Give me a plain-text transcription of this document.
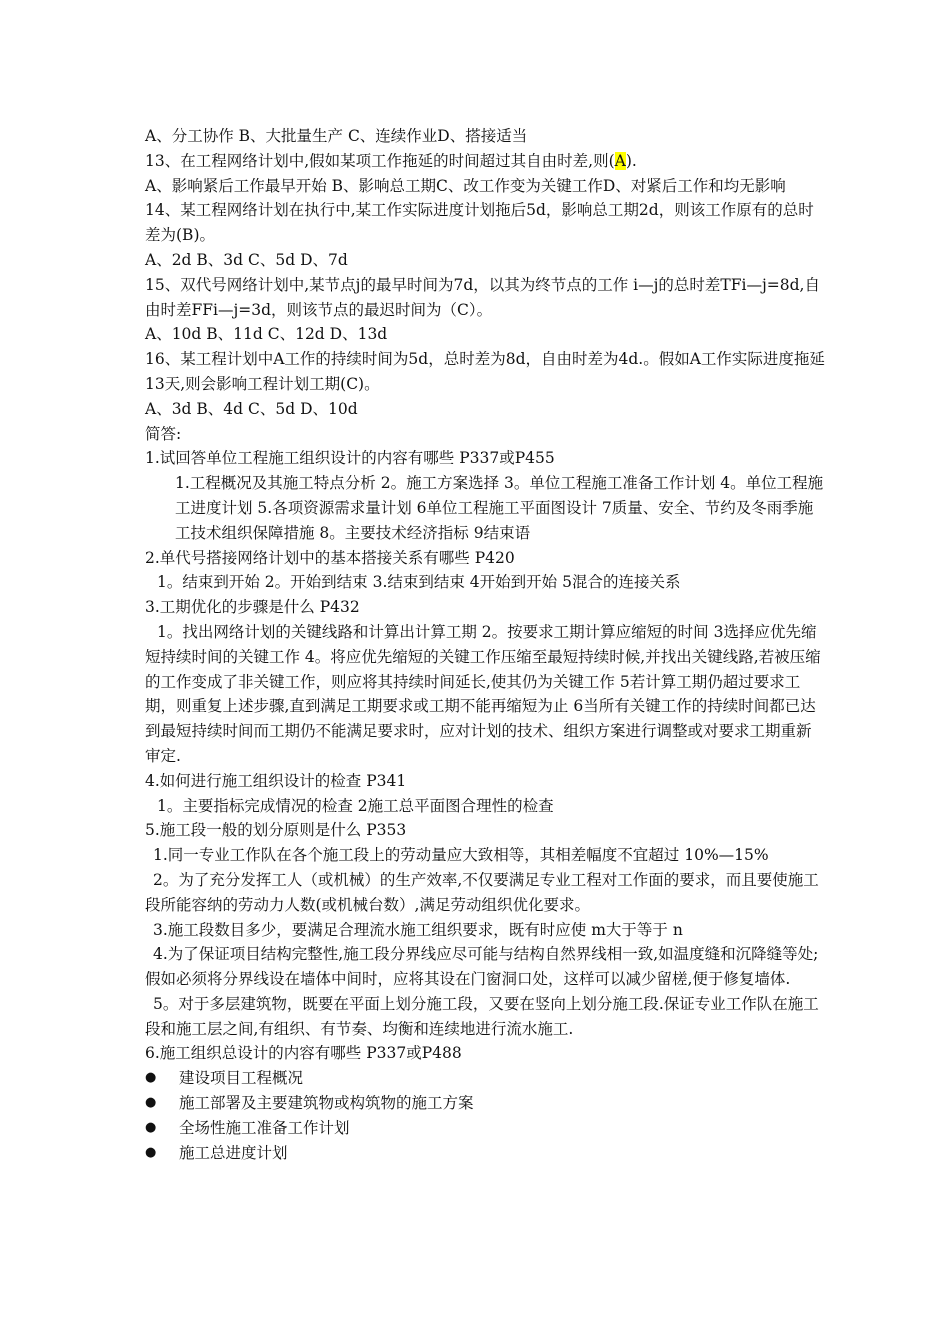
A、分工协作 B、大批量生产 C、连续作业D、搭接适当
13、在工程网络计划中,假如某项工作拖延的时间超过其自由时差,则(A).
A、影响紧后工作最早开始 B、影响总工期C、改工作变为关键工作D、对紧后工作和均无影响
14、某工程网络计划在执行中,某工作实际进度计划拖后5d，影响总工期2d，则该工作原有的总时差为(B)。
A、2d B、3d C、5d D、7d
15、双代号网络计划中,某节点j的最早时间为7d，以其为终节点的工作 i—j的总时差TFi—j=8d,自由时差FFi—j=3d，则该节点的最迟时间为（C）。
A、10d B、11d C、12d D、13d
16、某工程计划中A工作的持续时间为5d，总时差为8d，自由时差为4d.。假如A工作实际进度拖延13天,则会影响工程计划工期(C)。
A、3d B、4d C、5d D、10d
简答:
1.试回答单位工程施工组织设计的内容有哪些 P337或P455
1.工程概况及其施工特点分析 2。施工方案选择 3。单位工程施工准备工作计划 4。单位工程施工进度计划 5.各项资源需求量计划 6单位工程施工平面图设计 7质量、安全、节约及冬雨季施工技术组织保障措施 8。主要技术经济指标 9结束语
2.单代号搭接网络计划中的基本搭接关系有哪些 P420
1。结束到开始 2。开始到结束 3.结束到结束 4开始到开始 5混合的连接关系
3.工期优化的步骤是什么 P432
1。找出网络计划的关键线路和计算出计算工期 2。按要求工期计算应缩短的时间 3选择应优先缩短持续时间的关键工作 4。将应优先缩短的关键工作压缩至最短持续时候,并找出关键线路,若被压缩的工作变成了非关键工作，则应将其持续时间延长,使其仍为关键工作 5若计算工期仍超过要求工期，则重复上述步骤,直到满足工期要求或工期不能再缩短为止 6当所有关键工作的持续时间都已达到最短持续时间而工期仍不能满足要求时，应对计划的技术、组织方案进行调整或对要求工期重新审定.
4.如何进行施工组织设计的检查 P341
1。主要指标完成情况的检查 2施工总平面图合理性的检查
5.施工段一般的划分原则是什么 P353
1.同一专业工作队在各个施工段上的劳动量应大致相等，其相差幅度不宜超过 10%—15%
2。为了充分发挥工人（或机械）的生产效率,不仅要满足专业工程对工作面的要求，而且要使施工段所能容纳的劳动力人数(或机械台数）,满足劳动组织优化要求。
3.施工段数目多少，要满足合理流水施工组织要求，既有时应使 m大于等于 n
4.为了保证项目结构完整性,施工段分界线应尽可能与结构自然界线相一致,如温度缝和沉降缝等处;假如必须将分界线设在墙体中间时，应将其设在门窗洞口处，这样可以减少留槎,便于修复墙体.
5。对于多层建筑物，既要在平面上划分施工段，又要在竖向上划分施工段.保证专业工作队在施工段和施工层之间,有组织、有节奏、均衡和连续地进行流水施工.
6.施工组织总设计的内容有哪些 P337或P488
●	建设项目工程概况
●	施工部署及主要建筑物或构筑物的施工方案
●	全场性施工准备工作计划
●	施工总进度计划
